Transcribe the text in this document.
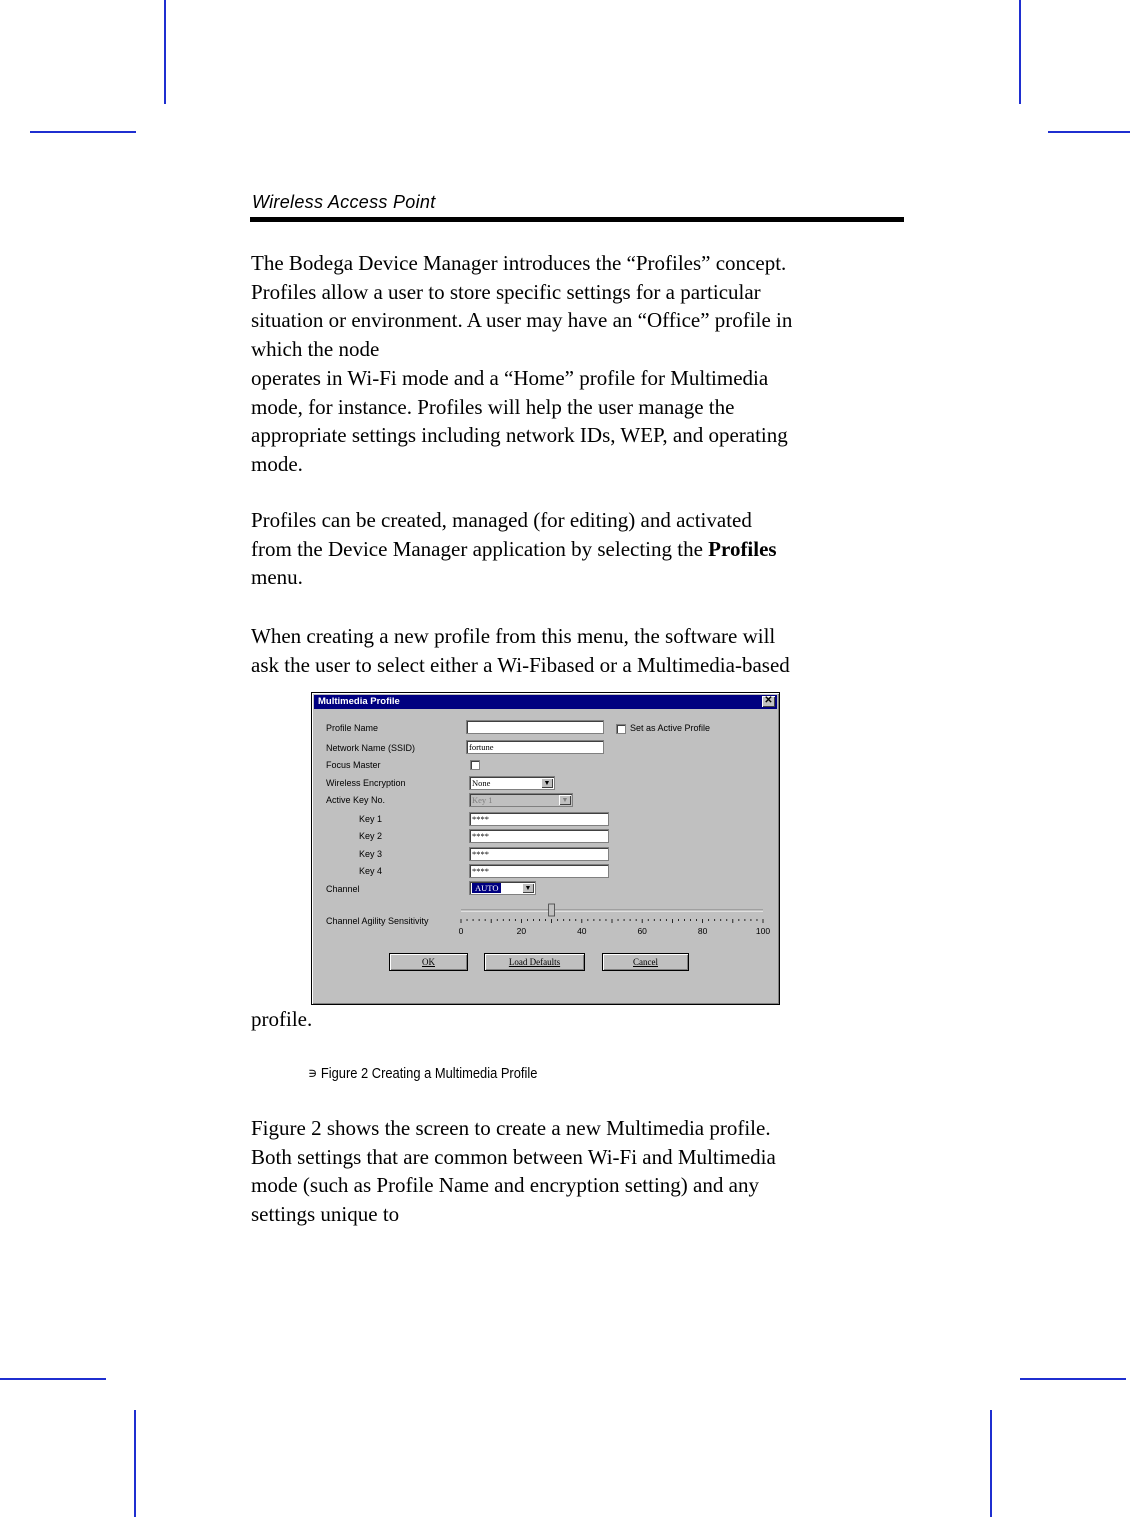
Wireless Access Point
The Bodega Device Manager introduces the “Profiles” concept.
Profiles allow a user to store specific settings for a particular
situation or environment. A user may have an “Office” profile in
which the node
operates in Wi-Fi mode and a “Home” profile for Multimedia
mode, for instance. Profiles will help the user manage the
appropriate settings including network IDs, WEP, and operating
mode.
Profiles can be created, managed (for editing) and activated
from the Device Manager application by selecting the Profiles
menu.
When creating a new profile from this menu, the software will
ask the user to select either a Wi-Fibased or a Multimedia-based
profile.
Multimedia Profile	✕
Profile Name	Set as Active Profile
Network Name (SSID)	fortune
Focus Master
Wireless Encryption	None	▼
Active Key No.	Key 1	▼
Key 1	****
Key 2	****
Key 3	****
Key 4	****
Channel	AUTO	▼
Channel Agility Sensitivity
0	20	40	60	80	100
OK	Load Defaults	Cancel
∍ Figure 2 Creating a Multimedia Profile
Figure 2 shows the screen to create a new Multimedia profile.
Both settings that are common between Wi-Fi and Multimedia
mode (such as Profile Name and encryption setting) and any
settings unique to
